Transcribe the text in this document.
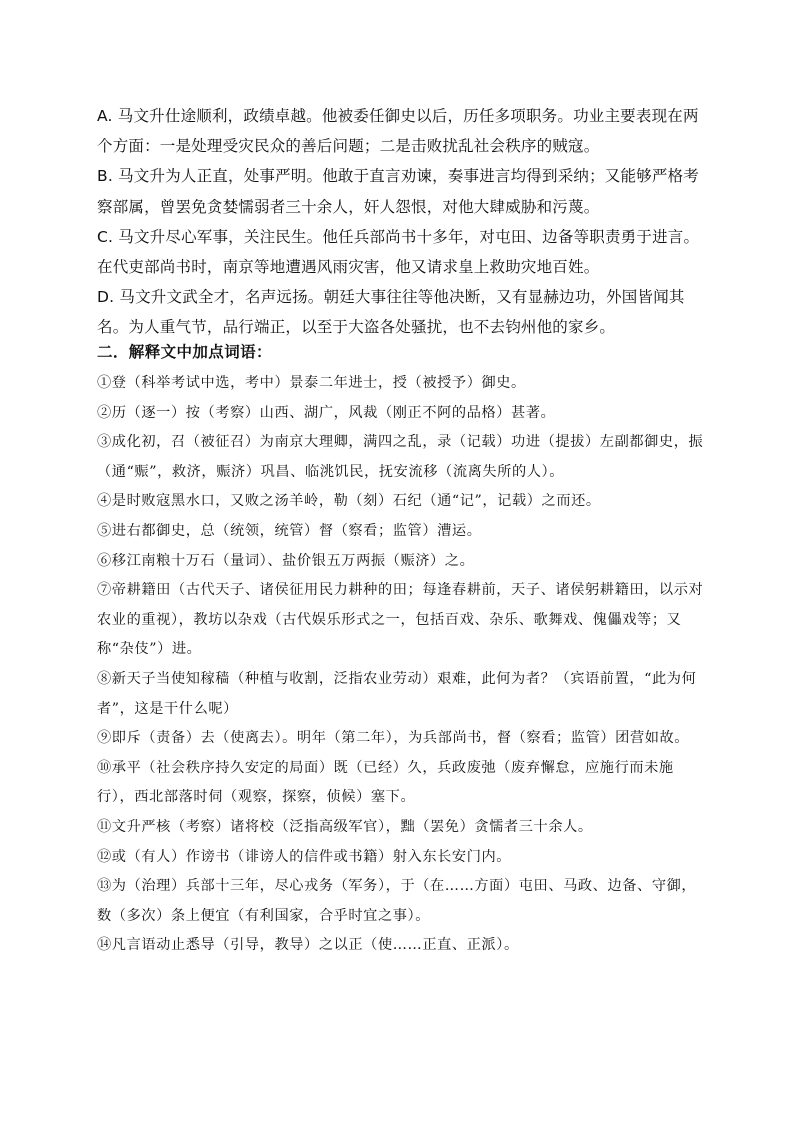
A. 马文升仕途顺利，政绩卓越。他被委任御史以后，历任多项职务。功业主要表现在两个方面：一是处理受灾民众的善后问题；二是击败扰乱社会秩序的贼寇。

B. 马文升为人正直，处事严明。他敢于直言劝谏，奏事进言均得到采纳；又能够严格考察部属，曾罢免贪婪懦弱者三十余人，奸人怨恨，对他大肆威胁和污蔑。

C. 马文升尽心军事，关注民生。他任兵部尚书十多年，对屯田、边备等职责勇于进言。在代吏部尚书时，南京等地遭遇风雨灾害，他又请求皇上救助灾地百姓。

D. 马文升文武全才，名声远扬。朝廷大事往往等他决断，又有显赫边功，外国皆闻其名。为人重气节，品行端正，以至于大盗各处骚扰，也不去钧州他的家乡。

二．解释文中加点词语：

①登（科举考试中选，考中）景泰二年进士，授（被授予）御史。

②历（逐一）按（考察）山西、湖广，风裁（刚正不阿的品格）甚著。

③成化初，召（被征召）为南京大理卿，满四之乱，录（记载）功进（提拔）左副都御史，振（通“赈”，救济，赈济）巩昌、临洮饥民，抚安流移（流离失所的人）。

④是时败寇黑水口，又败之汤羊岭，勒（刻）石纪（通“记”，记载）之而还。

⑤进右都御史，总（统领，统管）督（察看；监管）漕运。

⑥移江南粮十万石（量词）、盐价银五万两振（赈济）之。

⑦帝耕籍田（古代天子、诸侯征用民力耕种的田；每逢春耕前，天子、诸侯躬耕籍田，以示对农业的重视），教坊以杂戏（古代娱乐形式之一，包括百戏、杂乐、歌舞戏、傀儡戏等；又称“杂伎”）进。

⑧新天子当使知稼穑（种植与收割，泛指农业劳动）艰难，此何为者？（宾语前置，“此为何者”，这是干什么呢）

⑨即斥（责备）去（使离去）。明年（第二年），为兵部尚书，督（察看；监管）团营如故。

⑩承平（社会秩序持久安定的局面）既（已经）久，兵政废弛（废弃懈怠，应施行而未施行），西北部落时伺（观察，探察，侦候）塞下。

⑪文升严核（考察）诸将校（泛指高级军官），黜（罢免）贪懦者三十余人。

⑫或（有人）作谤书（诽谤人的信件或书籍）射入东长安门内。

⑬为（治理）兵部十三年，尽心戎务（军务），于（在……方面）屯田、马政、边备、守御，数（多次）条上便宜（有利国家，合乎时宜之事）。

⑭凡言语动止悉导（引导，教导）之以正（使……正直、正派）。
